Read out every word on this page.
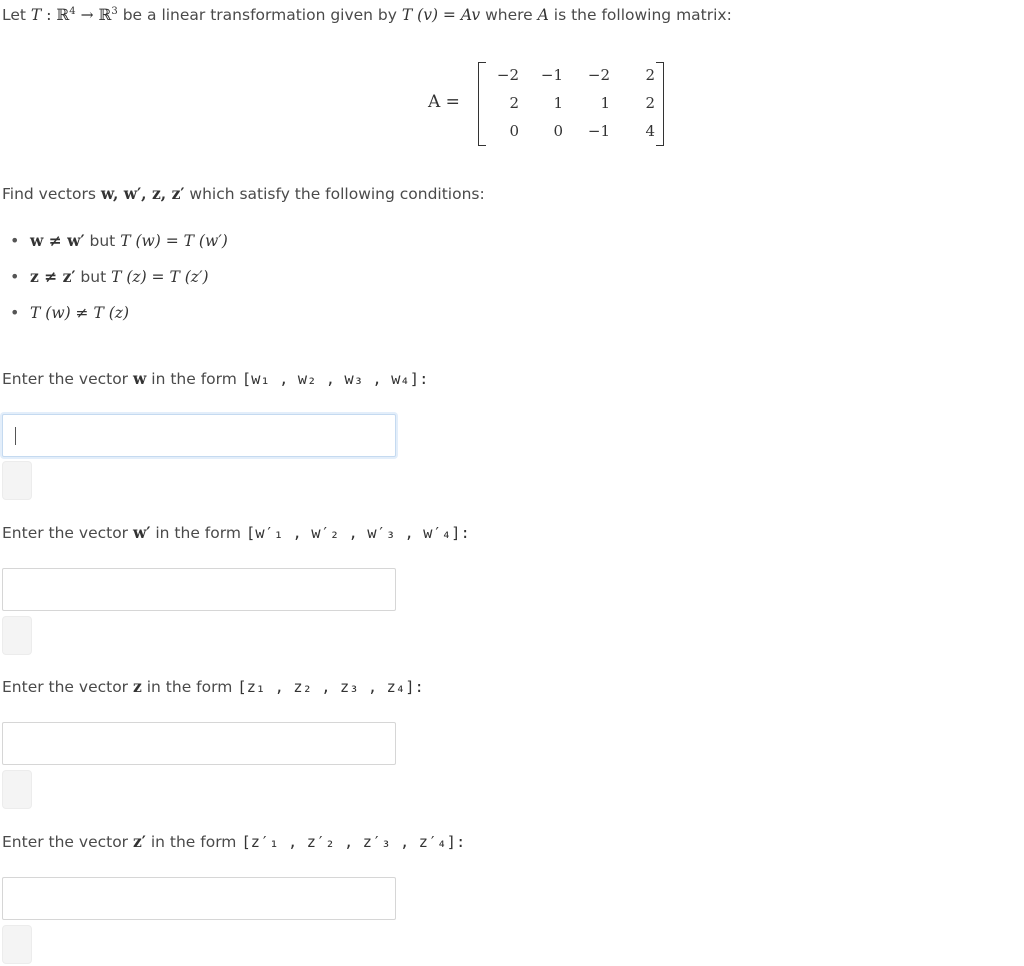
Let T : ℝ$^4$ → ℝ$^3$ be a linear transformation given by T (v) = Av where A is the following matrix:
A =
−2	−1	−2	2
2	1	1	2
0	0	−1	4
Find vectors w, w′, z, z′ which satisfy the following conditions:
• w ≠ w′ but T (w) = T (w′)
• z ≠ z′ but T (z) = T (z′)
• T (w) ≠ T (z)
Enter the vector w in the form [w₁ , w₂ , w₃ , w₄]:
Enter the vector w′ in the form [w′₁ , w′₂ , w′₃ , w′₄]:
Enter the vector z in the form [z₁ , z₂ , z₃ , z₄]:
Enter the vector z′ in the form [z′₁ , z′₂ , z′₃ , z′₄]:
